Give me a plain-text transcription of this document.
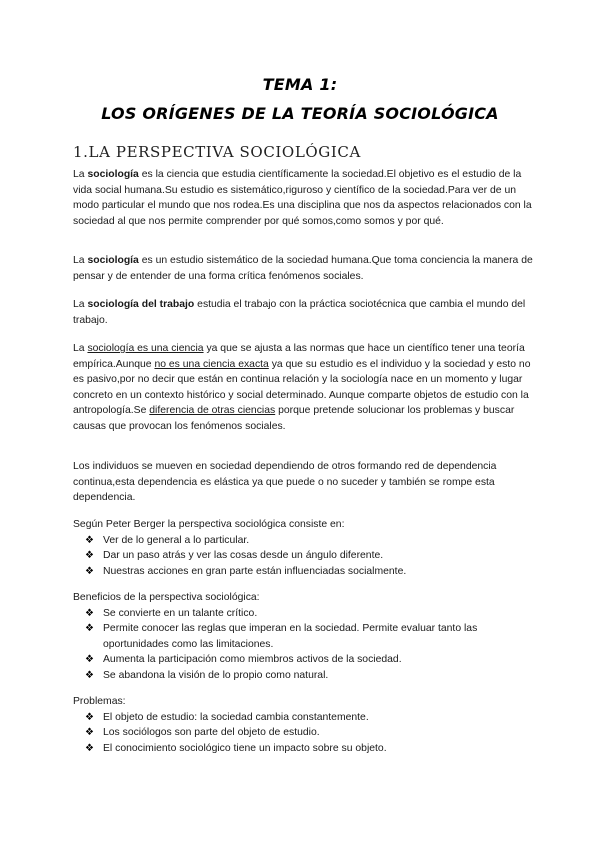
TEMA 1:
LOS ORÍGENES DE LA TEORÍA SOCIOLÓGICA
1.LA PERSPECTIVA SOCIOLÓGICA

La sociología es la ciencia que estudia científicamente la sociedad.El objetivo es el estudio de la vida social humana.Su estudio es sistemático,riguroso y científico de la sociedad.Para ver de un modo particular el mundo que nos rodea.Es una disciplina que nos da aspectos relacionados con la sociedad al que nos permite comprender por qué somos,como somos y por qué.

La sociología es un estudio sistemático de la sociedad humana.Que toma conciencia la manera de pensar y de entender de una forma crítica fenómenos sociales.

La sociología del trabajo estudia el trabajo con la práctica sociotécnica que cambia el mundo del trabajo.

La sociología es una ciencia ya que se ajusta a las normas que hace un científico tener una teoría empírica.Aunque no es una ciencia exacta ya que su estudio es el individuo y la sociedad y esto no es pasivo,por no decir que están en continua relación y la sociología nace en un momento y lugar concreto en un contexto histórico y social determinado. Aunque comparte objetos de estudio con la antropología.Se diferencia de otras ciencias porque pretende solucionar los problemas y buscar causas que provocan los fenómenos sociales.

Los individuos se mueven en sociedad dependiendo de otros formando red de dependencia continua,esta dependencia es elástica ya que puede o no suceder y también se rompe esta dependencia.

Según Peter Berger la perspectiva sociológica consiste en:

❖ Ver de lo general a lo particular.
❖ Dar un paso atrás y ver las cosas desde un ángulo diferente.
❖ Nuestras acciones en gran parte están influenciadas socialmente.

Beneficios de la perspectiva sociológica:

❖ Se convierte en un talante crítico.
❖ Permite conocer las reglas que imperan en la sociedad. Permite evaluar tanto las oportunidades como las limitaciones.
❖ Aumenta la participación como miembros activos de la sociedad.
❖ Se abandona la visión de lo propio como natural.

Problemas:

❖ El objeto de estudio: la sociedad cambia constantemente.
❖ Los sociólogos son parte del objeto de estudio.
❖ El conocimiento sociológico tiene un impacto sobre su objeto.
